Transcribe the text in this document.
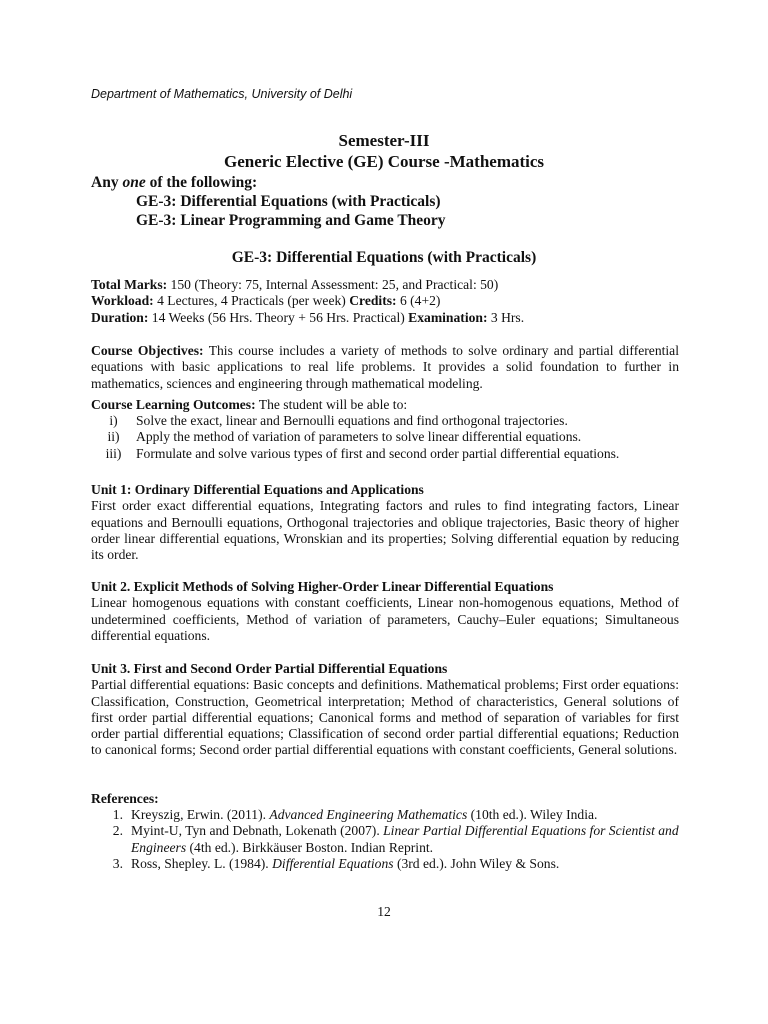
Department of Mathematics, University of Delhi
Semester-III
Generic Elective (GE) Course -Mathematics
Any one of the following:
GE-3: Differential Equations (with Practicals)
GE-3: Linear Programming and Game Theory
GE-3: Differential Equations (with Practicals)
Total Marks: 150 (Theory: 75, Internal Assessment: 25, and Practical: 50)
Workload: 4 Lectures, 4 Practicals (per week) Credits: 6 (4+2)
Duration: 14 Weeks (56 Hrs. Theory + 56 Hrs. Practical) Examination: 3 Hrs.
Course Objectives: This course includes a variety of methods to solve ordinary and partial differential equations with basic applications to real life problems. It provides a solid foundation to further in mathematics, sciences and engineering through mathematical modeling.
Course Learning Outcomes: The student will be able to:
i)	Solve the exact, linear and Bernoulli equations and find orthogonal trajectories.
ii)	Apply the method of variation of parameters to solve linear differential equations.
iii)	Formulate and solve various types of first and second order partial differential equations.
Unit 1: Ordinary Differential Equations and Applications
First order exact differential equations, Integrating factors and rules to find integrating factors, Linear equations and Bernoulli equations, Orthogonal trajectories and oblique trajectories, Basic theory of higher order linear differential equations, Wronskian and its properties; Solving differential equation by reducing its order.
Unit 2. Explicit Methods of Solving Higher-Order Linear Differential Equations
Linear homogenous equations with constant coefficients, Linear non-homogenous equations, Method of undetermined coefficients, Method of variation of parameters, Cauchy–Euler equations; Simultaneous differential equations.
Unit 3. First and Second Order Partial Differential Equations
Partial differential equations: Basic concepts and definitions. Mathematical problems; First order equations: Classification, Construction, Geometrical interpretation; Method of characteristics, General solutions of first order partial differential equations; Canonical forms and method of separation of variables for first order partial differential equations; Classification of second order partial differential equations; Reduction to canonical forms; Second order partial differential equations with constant coefficients, General solutions.
References:
1. Kreyszig, Erwin. (2011). Advanced Engineering Mathematics (10th ed.). Wiley India.
2. Myint-U, Tyn and Debnath, Lokenath (2007). Linear Partial Differential Equations for Scientist and Engineers (4th ed.). Birkkäuser Boston. Indian Reprint.
3. Ross, Shepley. L. (1984). Differential Equations (3rd ed.). John Wiley & Sons.
12
